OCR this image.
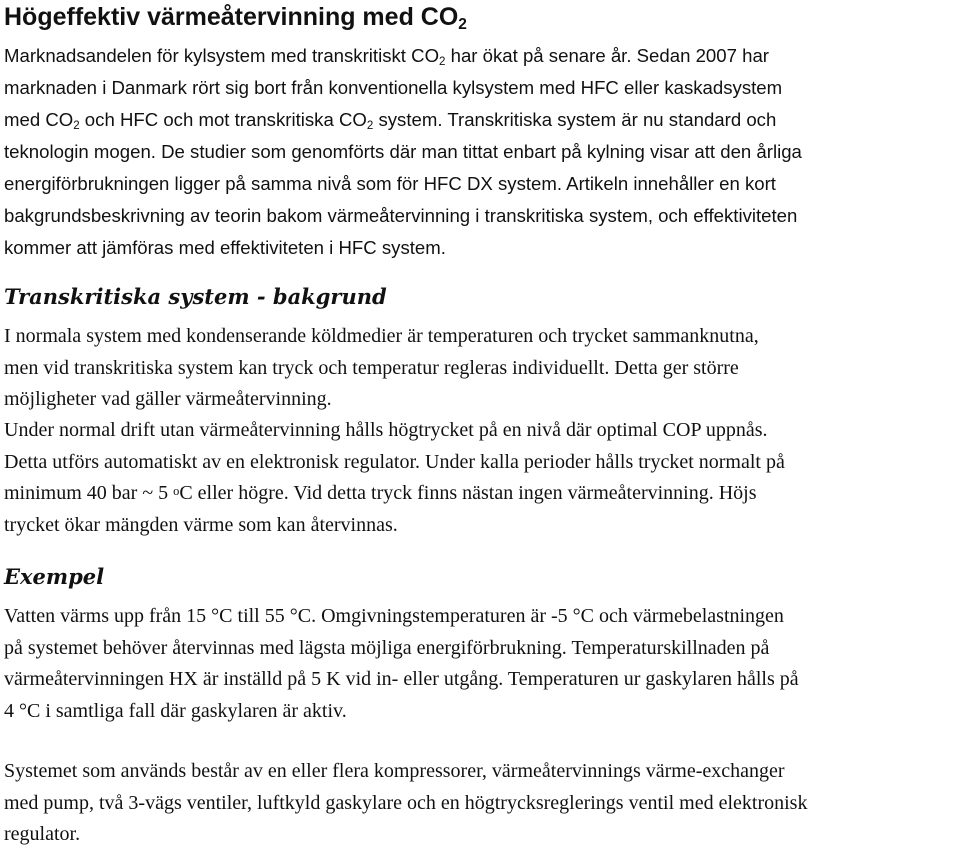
Högeffektiv värmeåtervinning med CO2

Marknadsandelen för kylsystem med transkritiskt CO2 har ökat på senare år. Sedan 2007 har
marknaden i Danmark rört sig bort från konventionella kylsystem med HFC eller kaskadsystem
med CO2 och HFC och mot transkritiska CO2 system. Transkritiska system är nu standard och
teknologin mogen. De studier som genomförts där man tittat enbart på kylning visar att den årliga
energiförbrukningen ligger på samma nivå som för HFC DX system. Artikeln innehåller en kort
bakgrundsbeskrivning av teorin bakom värmeåtervinning i transkritiska system, och effektiviteten
kommer att jämföras med effektiviteten i HFC system.

Transkritiska system - bakgrund

I normala system med kondenserande köldmedier är temperaturen och trycket sammanknutna,
men vid transkritiska system kan tryck och temperatur regleras individuellt. Detta ger större
möjligheter vad gäller värmeåtervinning.

Under normal drift utan värmeåtervinning hålls högtrycket på en nivå där optimal COP uppnås.
Detta utförs automatiskt av en elektronisk regulator. Under kalla perioder hålls trycket normalt på
minimum 40 bar ~ 5 $^o$C eller högre. Vid detta tryck finns nästan ingen värmeåtervinning. Höjs
trycket ökar mängden värme som kan återvinnas.

Exempel

Vatten värms upp från 15 °C till 55 °C. Omgivningstemperaturen är -5 °C och värmebelastningen
på systemet behöver återvinnas med lägsta möjliga energiförbrukning. Temperaturskillnaden på
värmeåtervinningen HX är inställd på 5 K vid in- eller utgång. Temperaturen ur gaskylaren hålls på
4 °C i samtliga fall där gaskylaren är aktiv.

Systemet som används består av en eller flera kompressorer, värmeåtervinnings värme-exchanger
med pump, två 3-vägs ventiler, luftkyld gaskylare och en högtrycksreglerings ventil med elektronisk
regulator.
